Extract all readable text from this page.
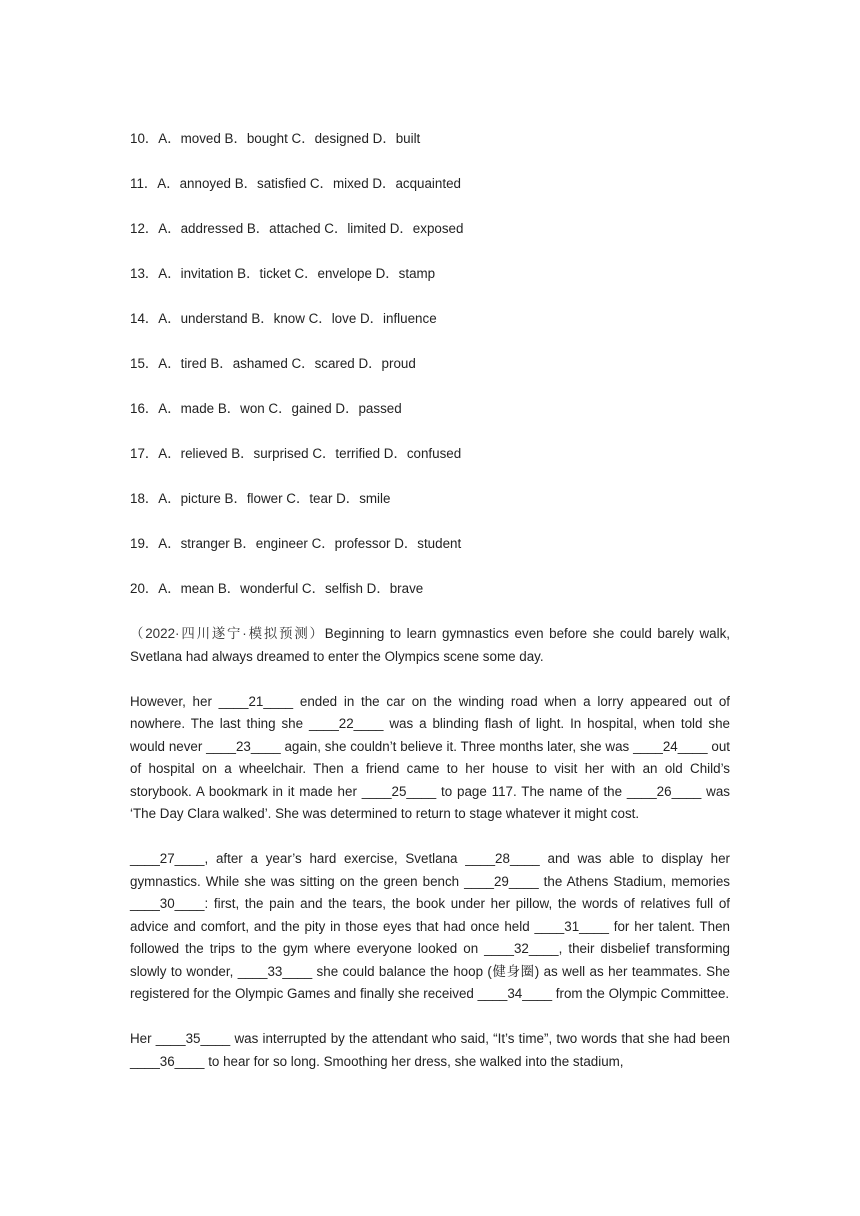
10．A．moved B．bought C．designed D．built
11．A．annoyed B．satisfied C．mixed D．acquainted
12．A．addressed B．attached C．limited D．exposed
13．A．invitation B．ticket C．envelope D．stamp
14．A．understand B．know C．love D．influence
15．A．tired B．ashamed C．scared D．proud
16．A．made B．won C．gained D．passed
17．A．relieved B．surprised C．terrified D．confused
18．A．picture B．flower C．tear D．smile
19．A．stranger B．engineer C．professor D．student
20．A．mean B．wonderful C．selfish D．brave

（2022·四川遂宁·模拟预测）Beginning to learn gymnastics even before she could barely walk, Svetlana had always dreamed to enter the Olympics scene some day.

However, her ____21____ ended in the car on the winding road when a lorry appeared out of nowhere. The last thing she ____22____ was a blinding flash of light. In hospital, when told she would never ____23____ again, she couldn’t believe it. Three months later, she was ____24____ out of hospital on a wheelchair. Then a friend came to her house to visit her with an old Child’s storybook. A bookmark in it made her ____25____ to page 117. The name of the ____26____ was ‘The Day Clara walked’. She was determined to return to stage whatever it might cost.

____27____, after a year’s hard exercise, Svetlana ____28____ and was able to display her gymnastics. While she was sitting on the green bench ____29____ the Athens Stadium, memories ____30____: first, the pain and the tears, the book under her pillow, the words of relatives full of advice and comfort, and the pity in those eyes that had once held ____31____ for her talent. Then followed the trips to the gym where everyone looked on ____32____, their disbelief transforming slowly to wonder, ____33____ she could balance the hoop (健身圈) as well as her teammates. She registered for the Olympic Games and finally she received ____34____ from the Olympic Committee.

Her ____35____ was interrupted by the attendant who said, “It’s time”, two words that she had been ____36____ to hear for so long. Smoothing her dress, she walked into the stadium,
